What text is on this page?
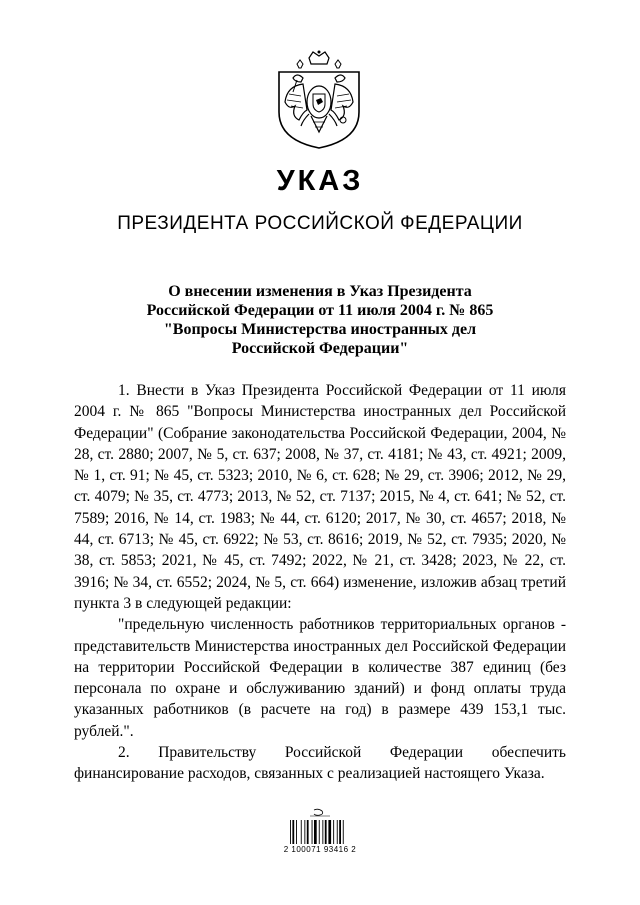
УКАЗ
ПРЕЗИДЕНТА РОССИЙСКОЙ ФЕДЕРАЦИИ
О внесении изменения в Указ Президента
Российской Федерации от 11 июля 2004 г. № 865
"Вопросы Министерства иностранных дел
Российской Федерации"

1. Внести в Указ Президента Российской Федерации от 11 июля 2004 г. № 865 "Вопросы Министерства иностранных дел Российской Федерации" (Собрание законодательства Российской Федерации, 2004, № 28, ст. 2880; 2007, № 5, ст. 637; 2008, № 37, ст. 4181; № 43, ст. 4921; 2009, № 1, ст. 91; № 45, ст. 5323; 2010, № 6, ст. 628; № 29, ст. 3906; 2012, № 29, ст. 4079; № 35, ст. 4773; 2013, № 52, ст. 7137; 2015, № 4, ст. 641; № 52, ст. 7589; 2016, № 14, ст. 1983; № 44, ст. 6120; 2017, № 30, ст. 4657; 2018, № 44, ст. 6713; № 45, ст. 6922; № 53, ст. 8616; 2019, № 52, ст. 7935; 2020, № 38, ст. 5853; 2021, № 45, ст. 7492; 2022, № 21, ст. 3428; 2023, № 22, ст. 3916; № 34, ст. 6552; 2024, № 5, ст. 664) изменение, изложив абзац третий пункта 3 в следующей редакции:

"предельную численность работников территориальных органов - представительств Министерства иностранных дел Российской Федерации на территории Российской Федерации в количестве 387 единиц (без персонала по охране и обслуживанию зданий) и фонд оплаты труда указанных работников (в расчете на год) в размере 439 153,1 тыс. рублей.".

2. Правительству Российской Федерации обеспечить финансирование расходов, связанных с реализацией настоящего Указа.

2 100071 93416 2
